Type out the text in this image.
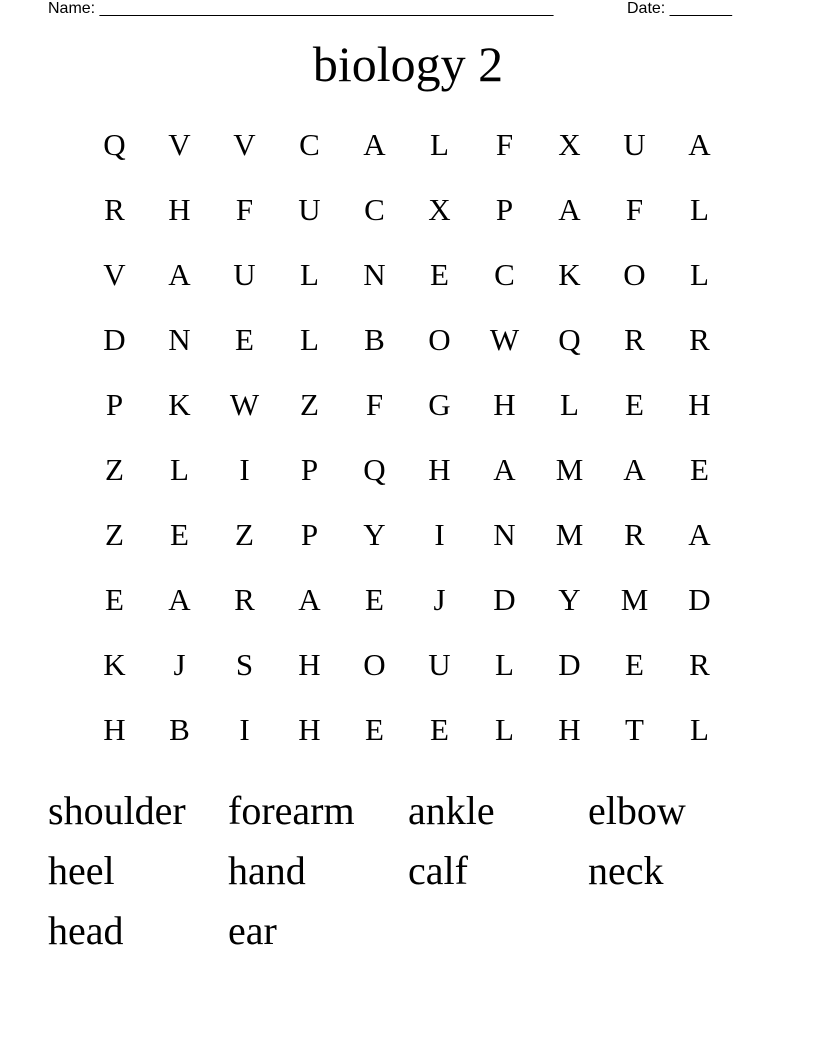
Name: ___________________________________________________	Date: _______
biology 2
Q	V	V	C	A	L	F	X	U	A
R	H	F	U	C	X	P	A	F	L
V	A	U	L	N	E	C	K	O	L
D	N	E	L	B	O	W	Q	R	R
P	K	W	Z	F	G	H	L	E	H
Z	L	I	P	Q	H	A	M	A	E
Z	E	Z	P	Y	I	N	M	R	A
E	A	R	A	E	J	D	Y	M	D
K	J	S	H	O	U	L	D	E	R
H	B	I	H	E	E	L	H	T	L
shoulder	forearm	ankle	elbow
heel	hand	calf	neck
head	ear
